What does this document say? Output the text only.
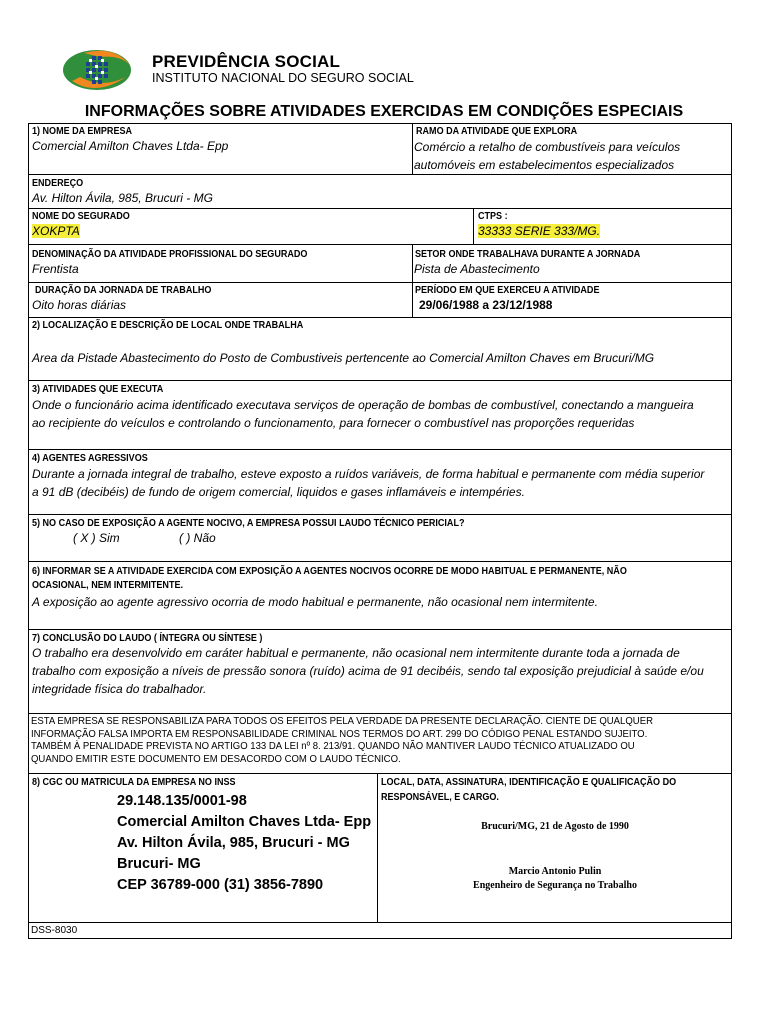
PREVIDÊNCIA SOCIAL
INSTITUTO NACIONAL DO SEGURO SOCIAL
INFORMAÇÕES SOBRE ATIVIDADES EXERCIDAS EM CONDIÇÕES ESPECIAIS
1) NOME DA EMPRESA
Comercial Amilton Chaves Ltda- Epp
RAMO DA ATIVIDADE QUE EXPLORA
Comércio a retalho de combustíveis para veículos
automóveis em estabelecimentos especializados
ENDEREÇO
Av. Hilton Ávila, 985, Brucuri - MG
NOME DO SEGURADO
XOKPTA
CTPS :
33333 SERIE 333/MG.
DENOMINAÇÃO DA ATIVIDADE PROFISSIONAL DO SEGURADO
Frentista
SETOR ONDE TRABALHAVA DURANTE A JORNADA
Pista de Abastecimento
DURAÇÃO DA JORNADA DE TRABALHO
Oito horas diárias
PERÍODO EM QUE EXERCEU A ATIVIDADE
29/06/1988 a 23/12/1988
2) LOCALIZAÇÃO E DESCRIÇÃO DE LOCAL ONDE TRABALHA
Area da Pistade Abastecimento do Posto de Combustiveis pertencente ao Comercial Amilton Chaves em Brucuri/MG
3) ATIVIDADES QUE EXECUTA
Onde o funcionário acima identificado executava serviços de operação de bombas de combustível, conectando a mangueira
ao recipiente do veículos e controlando o funcionamento, para fornecer o combustível nas proporções requeridas
4) AGENTES AGRESSIVOS
Durante a jornada integral de trabalho, esteve exposto a ruídos variáveis, de forma habitual e permanente com média superior
a 91 dB (decibéis) de fundo de origem comercial, liquidos e gases inflamáveis e intempéries.
5) NO CASO DE EXPOSIÇÃO A AGENTE NOCIVO, A EMPRESA POSSUI LAUDO TÉCNICO PERICIAL?
( X ) Sim	( ) Não
6) INFORMAR SE A ATIVIDADE EXERCIDA COM EXPOSIÇÃO A AGENTES NOCIVOS OCORRE DE MODO HABITUAL E PERMANENTE, NÃO
OCASIONAL, NEM INTERMITENTE.
A exposição ao agente agressivo ocorria de modo habitual e permanente, não ocasional nem intermitente.
7) CONCLUSÃO DO LAUDO ( ÍNTEGRA OU SÍNTESE )
O trabalho era desenvolvido em caráter habitual e permanente, não ocasional nem intermitente durante toda a jornada de
trabalho com exposição a níveis de pressão sonora (ruído) acima de 91 decibéis, sendo tal exposição prejudicial à saúde e/ou
integridade física do trabalhador.
ESTA EMPRESA SE RESPONSABILIZA PARA TODOS OS EFEITOS PELA VERDADE DA PRESENTE DECLARAÇÃO. CIENTE DE QUALQUER
INFORMAÇÃO FALSA IMPORTA EM RESPONSABILIDADE CRIMINAL NOS TERMOS DO ART. 299 DO CÓDIGO PENAL ESTANDO SUJEITO.
TAMBÉM À PENALIDADE PREVISTA NO ARTIGO 133 DA LEI nº 8. 213/91. QUANDO NÃO MANTIVER LAUDO TÉCNICO ATUALIZADO OU
QUANDO EMITIR ESTE DOCUMENTO EM DESACORDO COM O LAUDO TÉCNICO.
8) CGC OU MATRICULA DA EMPRESA NO INSS
29.148.135/0001-98
Comercial Amilton Chaves Ltda- Epp
Av. Hilton Ávila, 985, Brucuri - MG
Brucuri- MG
CEP 36789-000 (31) 3856-7890
LOCAL, DATA, ASSINATURA, IDENTIFICAÇÃO E QUALIFICAÇÃO DO
RESPONSÁVEL, E CARGO.
Brucuri/MG, 21 de Agosto de 1990
Marcio Antonio Pulin
Engenheiro de Segurança no Trabalho
DSS-8030
